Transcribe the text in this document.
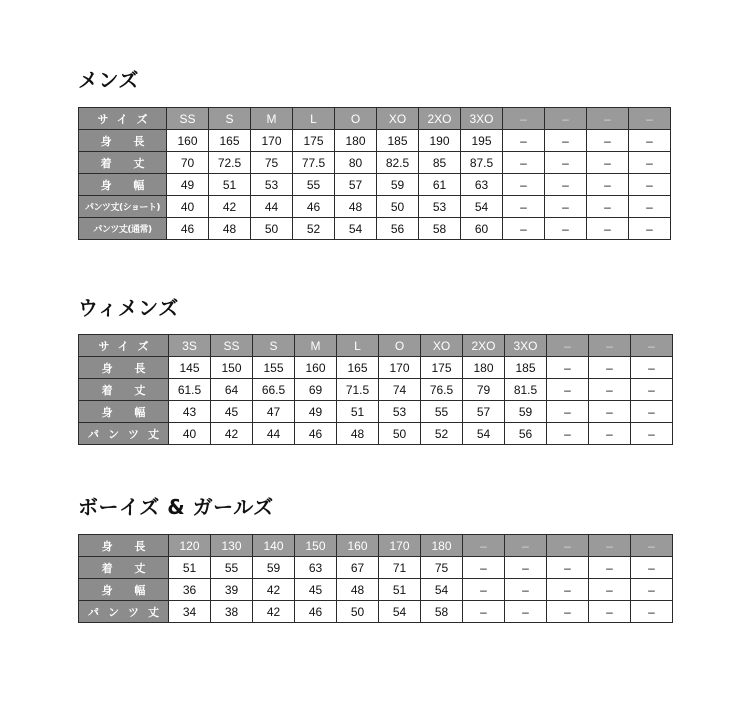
メンズ
サイズ	SS	S	M	L	O	XO	2XO	3XO	–	–	–	–
身 長	160	165	170	175	180	185	190	195	–	–	–	–
着 丈	70	72.5	75	77.5	80	82.5	85	87.5	–	–	–	–
身 幅	49	51	53	55	57	59	61	63	–	–	–	–
パンツ丈(ショート)	40	42	44	46	48	50	53	54	–	–	–	–
パンツ丈(通常)	46	48	50	52	54	56	58	60	–	–	–	–
ウィメンズ
サイズ	3S	SS	S	M	L	O	XO	2XO	3XO	–	–	–
身 長	145	150	155	160	165	170	175	180	185	–	–	–
着 丈	61.5	64	66.5	69	71.5	74	76.5	79	81.5	–	–	–
身 幅	43	45	47	49	51	53	55	57	59	–	–	–
パンツ丈	40	42	44	46	48	50	52	54	56	–	–	–
ボーイズ & ガールズ
身 長	120	130	140	150	160	170	180	–	–	–	–	–
着 丈	51	55	59	63	67	71	75	–	–	–	–	–
身 幅	36	39	42	45	48	51	54	–	–	–	–	–
パンツ丈	34	38	42	46	50	54	58	–	–	–	–	–
